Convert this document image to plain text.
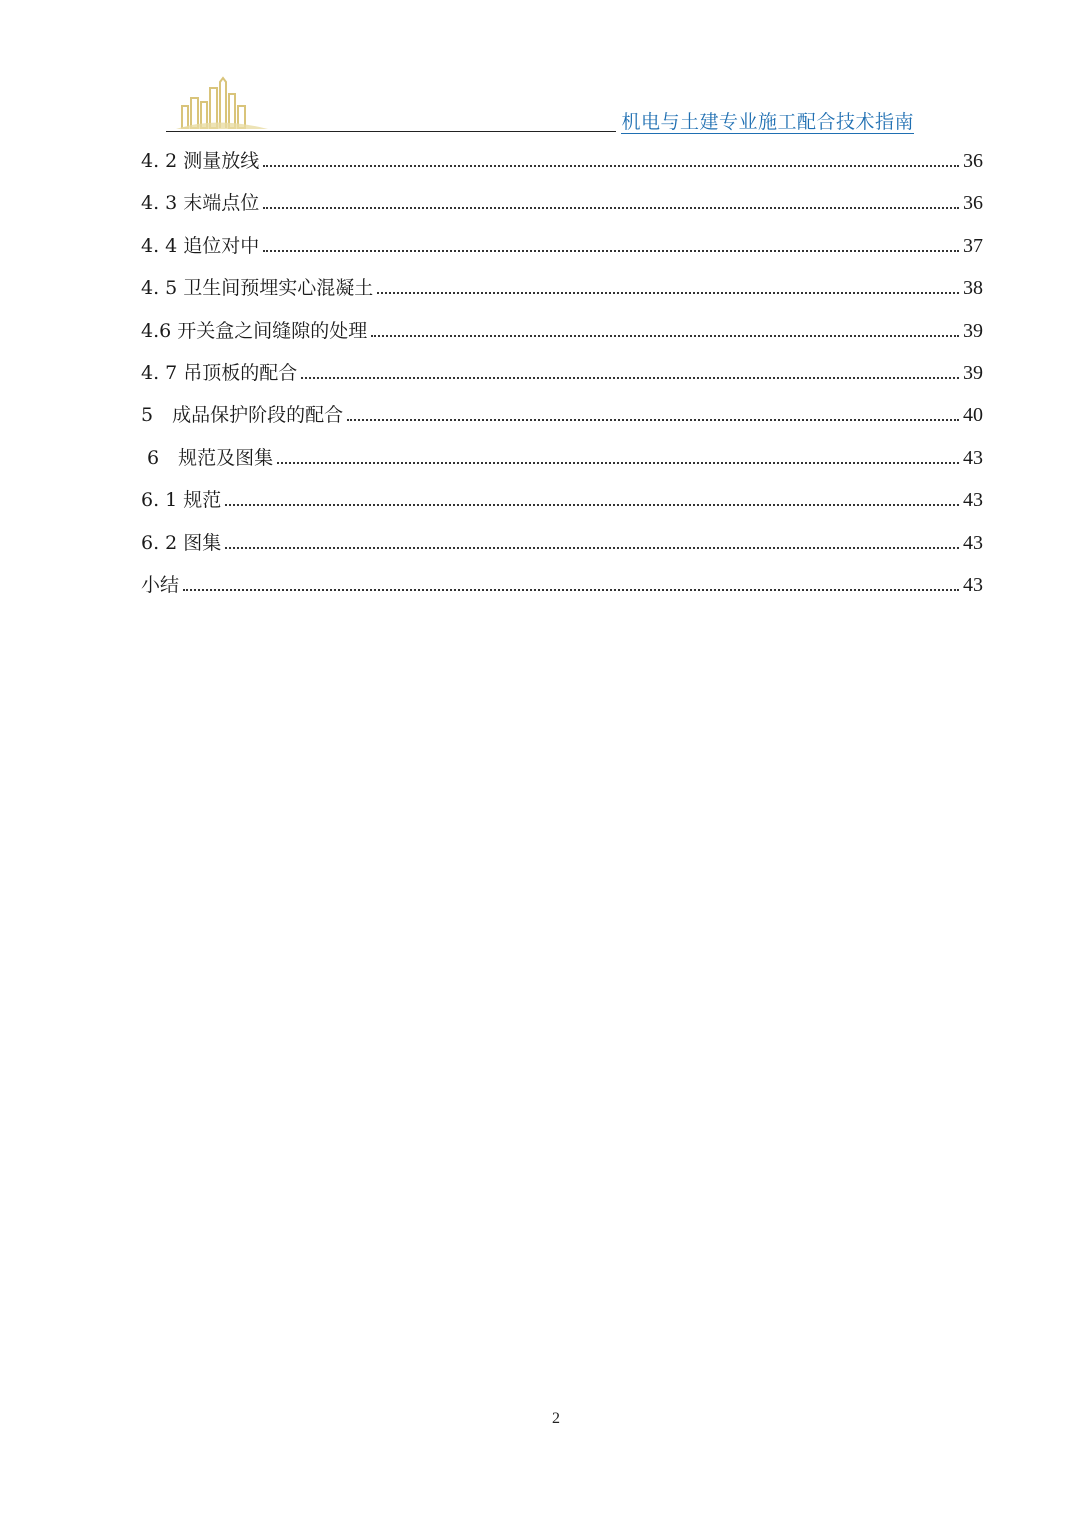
机电与土建专业施工配合技术指南
4. 2 测量放线	36
4. 3 末端点位	36
4. 4 追位对中	37
4. 5 卫生间预埋实心混凝土	38
4.6 开关盒之间缝隙的处理	39
4. 7 吊顶板的配合	39
5　成品保护阶段的配合	40
6　规范及图集	43
6. 1 规范	43
6. 2 图集	43
小结	43
2
